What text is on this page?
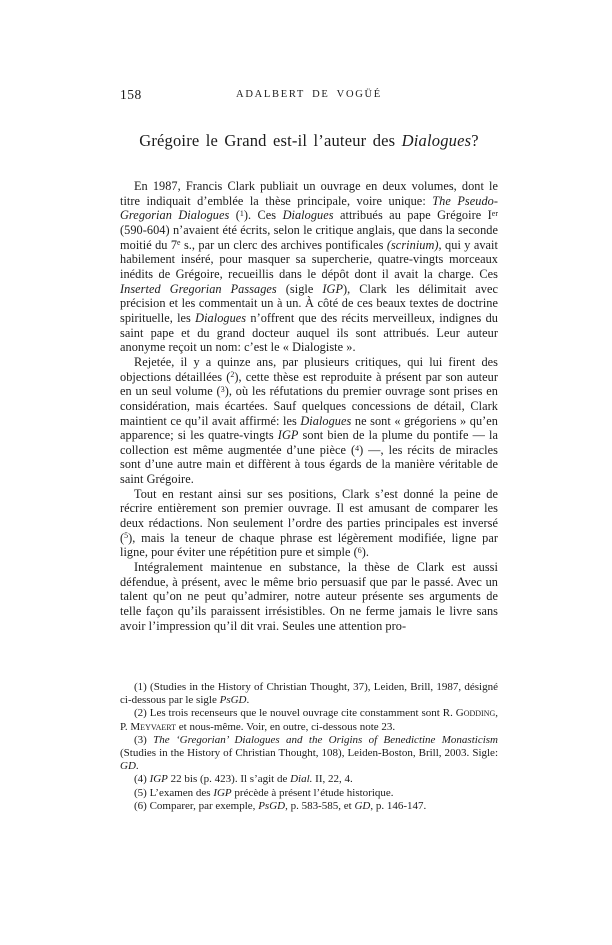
158	ADALBERT DE VOGÜÉ
Grégoire le Grand est-il l’auteur des Dialogues?

En 1987, Francis Clark publiait un ouvrage en deux volumes, dont le titre indiquait d’emblée la thèse principale, voire unique: The Pseudo-Gregorian Dialogues ($^1$). Ces Dialogues attribués au pape Grégoire Ier (590-604) n’avaient été écrits, selon le critique anglais, que dans la seconde moitié du 7e s., par un clerc des archives pontificales (scrinium), qui y avait habilement inséré, pour masquer sa supercherie, quatre-vingts morceaux inédits de Grégoire, recueillis dans le dépôt dont il avait la charge. Ces Inserted Gregorian Passages (sigle IGP), Clark les délimitait avec précision et les commentait un à un. À côté de ces beaux textes de doctrine spirituelle, les Dialogues n’offrent que des récits merveilleux, indignes du saint pape et du grand docteur auquel ils sont attribués. Leur auteur anonyme reçoit un nom: c’est le « Dialogiste ».

Rejetée, il y a quinze ans, par plusieurs critiques, qui lui firent des objections détaillées ($^2$), cette thèse est reproduite à présent par son auteur en un seul volume ($^3$), où les réfutations du premier ouvrage sont prises en considération, mais écartées. Sauf quelques concessions de détail, Clark maintient ce qu’il avait affirmé: les Dialogues ne sont « grégoriens » qu’en apparence; si les quatre-vingts IGP sont bien de la plume du pontife — la collection est même augmentée d’une pièce ($^4$) —, les récits de miracles sont d’une autre main et diffèrent à tous égards de la manière véritable de saint Grégoire.

Tout en restant ainsi sur ses positions, Clark s’est donné la peine de récrire entièrement son premier ouvrage. Il est amusant de comparer les deux rédactions. Non seulement l’ordre des parties principales est inversé ($^5$), mais la teneur de chaque phrase est légèrement modifiée, ligne par ligne, pour éviter une répétition pure et simple ($^6$).

Intégralement maintenue en substance, la thèse de Clark est aussi défendue, à présent, avec le même brio persuasif que par le passé. Avec un talent qu’on ne peut qu’admirer, notre auteur présente ses arguments de telle façon qu’ils paraissent irrésistibles. On ne ferme jamais le livre sans avoir l’impression qu’il dit vrai. Seules une attention pro-

(1) (Studies in the History of Christian Thought, 37), Leiden, Brill, 1987, désigné ci-dessous par le sigle PsGD.

(2) Les trois recenseurs que le nouvel ouvrage cite constamment sont R. Godding, P. Meyvaert et nous-même. Voir, en outre, ci-dessous note 23.

(3) The ‘Gregorian’ Dialogues and the Origins of Benedictine Monasticism (Studies in the History of Christian Thought, 108), Leiden-Boston, Brill, 2003. Sigle: GD.

(4) IGP 22 bis (p. 423). Il s’agit de Dial. II, 22, 4.

(5) L’examen des IGP précède à présent l’étude historique.

(6) Comparer, par exemple, PsGD, p. 583-585, et GD, p. 146-147.
